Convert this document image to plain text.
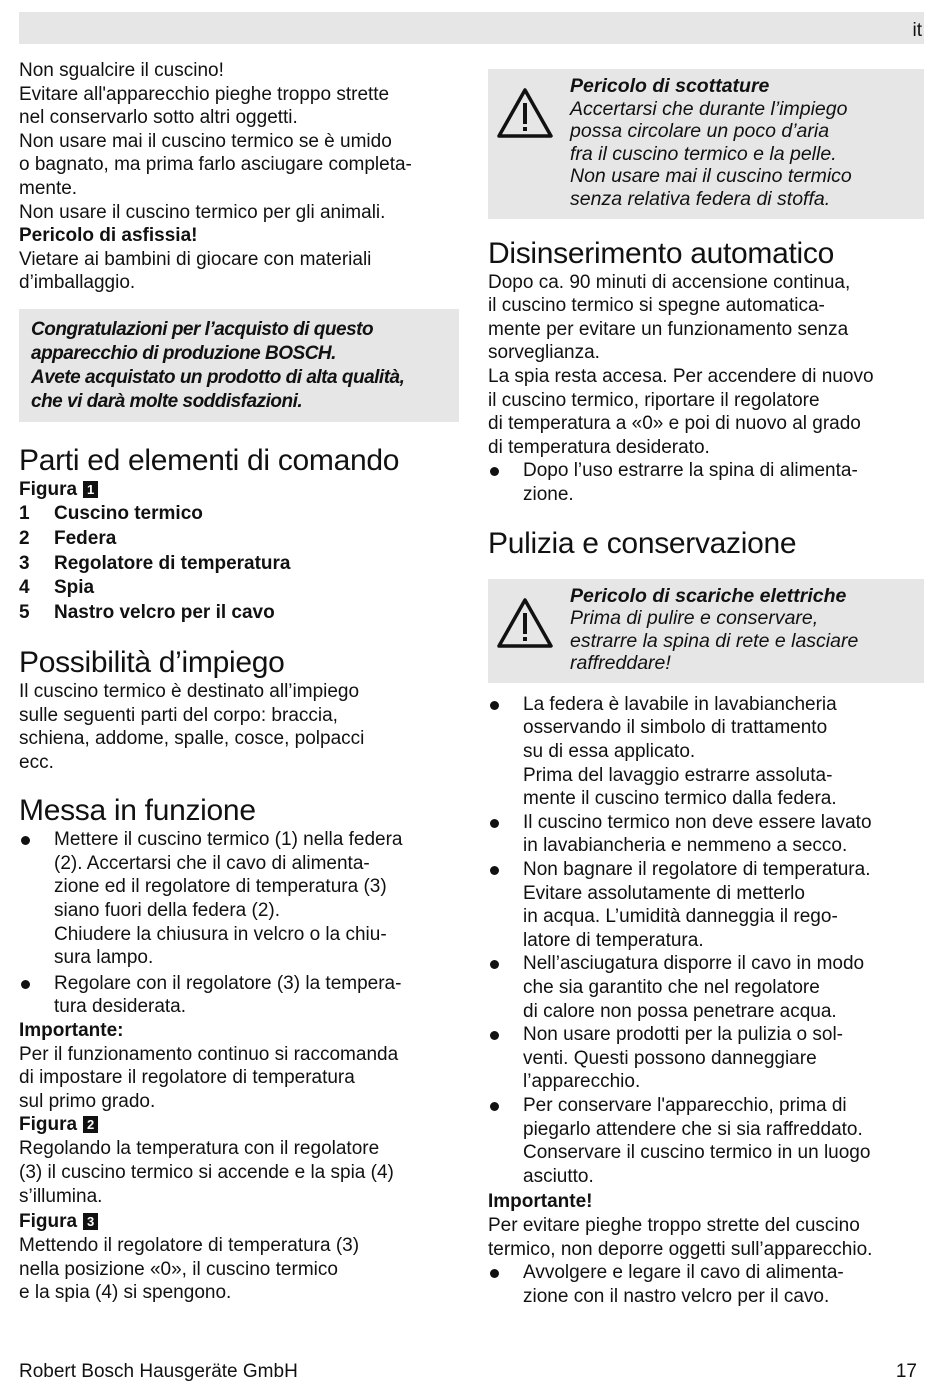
it

Non sgualcire il cuscino!
Evitare all'apparecchio pieghe troppo strette
nel conservarlo sotto altri oggetti.
Non usare mai il cuscino termico se è umido
o bagnato, ma prima farlo asciugare completa-
mente.
Non usare il cuscino termico per gli animali.

Pericolo di asfissia!

Vietare ai bambini di giocare con materiali
d’imballaggio.

Congratulazioni per l’acquisto di questo
apparecchio di produzione BOSCH.
Avete acquistato un prodotto di alta qualità,
che vi darà molte soddisfazioni.

Parti ed elementi di comando
Figura 1
1	Cuscino termico
2	Federa
3	Regolatore di temperatura
4	Spia
5	Nastro velcro per il cavo
Possibilità d’impiego

Il cuscino termico è destinato all’impiego
sulle seguenti parti del corpo: braccia,
schiena, addome, spalle, cosce, polpacci
ecc.

Messa in funzione
Mettere il cuscino termico (1) nella federa
(2). Accertarsi che il cavo di alimenta-
zione ed il regolatore di temperatura (3)
siano fuori della federa (2).
Chiudere la chiusura in velcro o la chiu-
sura lampo.
Regolare con il regolatore (3) la tempera-
tura desiderata.

Importante:

Per il funzionamento continuo si raccomanda
di impostare il regolatore di temperatura
sul primo grado.

Figura 2

Regolando la temperatura con il regolatore
(3) il cuscino termico si accende e la spia (4)
s’illumina.

Figura 3

Mettendo il regolatore di temperatura (3)
nella posizione «0», il cuscino termico
e la spia (4) si spengono.

Pericolo di scottature

Accertarsi che durante l’impiego
possa circolare un poco d’aria
fra il cuscino termico e la pelle.
Non usare mai il cuscino termico
senza relativa federa di stoffa.

Disinserimento automatico

Dopo ca. 90 minuti di accensione continua,
il cuscino termico si spegne automatica-
mente per evitare un funzionamento senza
sorveglianza.
La spia resta accesa. Per accendere di nuovo
il cuscino termico, riportare il regolatore
di temperatura a «0» e poi di nuovo al grado
di temperatura desiderato.

Dopo l’uso estrarre la spina di alimenta-
zione.
Pulizia e conservazione

Pericolo di scariche elettriche

Prima di pulire e conservare,
estrarre la spina di rete e lasciare
raffreddare!

La federa è lavabile in lavabiancheria
osservando il simbolo di trattamento
su di essa applicato.
Prima del lavaggio estrarre assoluta-
mente il cuscino termico dalla federa.
Il cuscino termico non deve essere lavato
in lavabiancheria e nemmeno a secco.
Non bagnare il regolatore di temperatura.
Evitare assolutamente di metterlo
in acqua. L’umidità danneggia il rego-
latore di temperatura.
Nell’asciugatura disporre il cavo in modo
che sia garantito che nel regolatore
di calore non possa penetrare acqua.
Non usare prodotti per la pulizia o sol-
venti. Questi possono danneggiare
l’apparecchio.
Per conservare l'apparecchio, prima di
piegarlo attendere che si sia raffreddato.
Conservare il cuscino termico in un luogo
asciutto.

Importante!

Per evitare pieghe troppo strette del cuscino
termico, non deporre oggetti sull’apparecchio.

Avvolgere e legare il cavo di alimenta-
zione con il nastro velcro per il cavo.
Robert Bosch Hausgeräte GmbH	17
